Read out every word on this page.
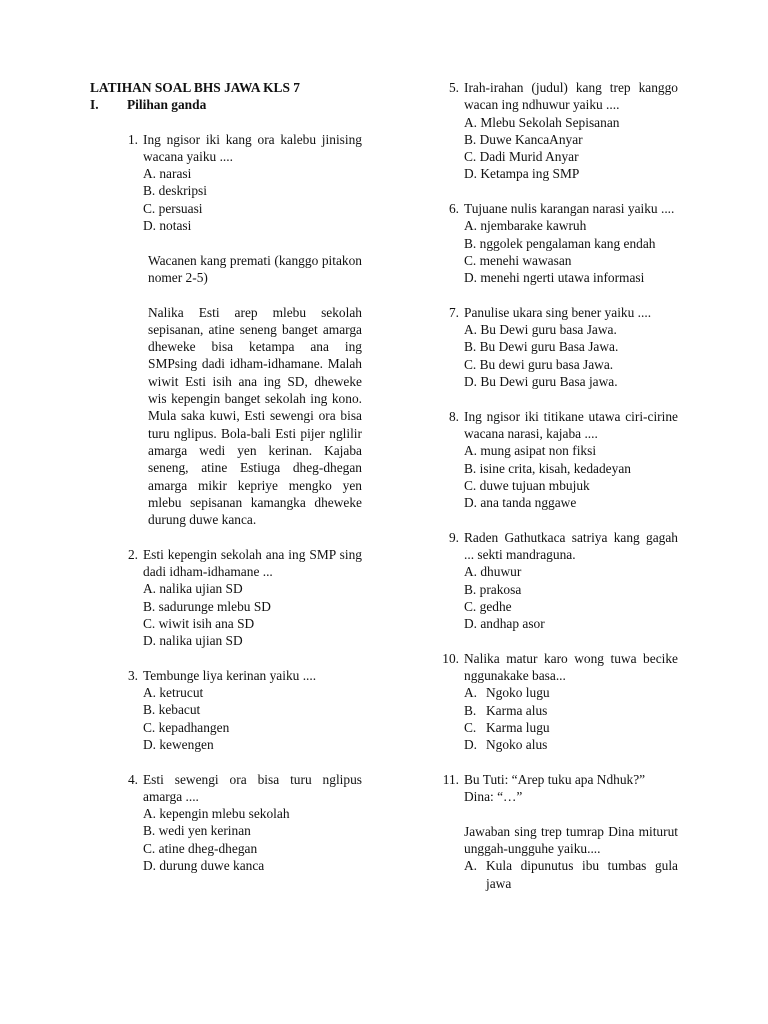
LATIHAN SOAL BHS JAWA KLS 7

I.	Pilihan ganda
1. Ing ngisor iki kang ora kalebu jinising wacana yaiku ....
A. narasi
B. deskripsi
C. persuasi
D. notasi

Wacanen kang premati (kanggo pitakon nomer 2-5)

Nalika Esti arep mlebu sekolah sepisanan, atine seneng banget amarga dheweke bisa ketampa ana ing SMPsing dadi idham-idhamane. Malah wiwit Esti isih ana ing SD, dheweke wis kepengin banget sekolah ing kono. Mula saka kuwi, Esti sewengi ora bisa turu nglipus. Bola-bali Esti pijer nglilir amarga wedi yen kerinan. Kajaba seneng, atine Estiuga dheg-dhegan amarga mikir kepriye mengko yen mlebu sepisanan kamangka dheweke durung duwe kanca.

2. Esti kepengin sekolah ana ing SMP sing dadi idham-idhamane ...
A. nalika ujian SD
B. sadurunge mlebu SD
C. wiwit isih ana SD
D. nalika ujian SD
3. Tembunge liya kerinan yaiku ....
A. ketrucut
B. kebacut
C. kepadhangen
D. kewengen
4. Esti sewengi ora bisa turu nglipus amarga ....
A. kepengin mlebu sekolah
B. wedi yen kerinan
C. atine dheg-dhegan
D. durung duwe kanca
5. Irah-irahan (judul) kang trep kanggo wacan ing ndhuwur yaiku ....
A. Mlebu Sekolah Sepisanan
B. Duwe KancaAnyar
C. Dadi Murid Anyar
D. Ketampa ing SMP
6. Tujuane nulis karangan narasi yaiku ....
A. njembarake kawruh
B. nggolek pengalaman kang endah
C. menehi wawasan
D. menehi ngerti utawa informasi
7. Panulise ukara sing bener yaiku ....
A. Bu Dewi guru basa Jawa.
B. Bu Dewi guru Basa Jawa.
C. Bu dewi guru basa Jawa.
D. Bu Dewi guru Basa jawa.
8. Ing ngisor iki titikane utawa ciri-cirine wacana narasi, kajaba ....
A. mung asipat non fiksi
B. isine crita, kisah, kedadeyan
C. duwe tujuan mbujuk
D. ana tanda nggawe
9. Raden Gathutkaca satriya kang gagah ... sekti mandraguna.
A. dhuwur
B. prakosa
C. gedhe
D. andhap asor
10. Nalika matur karo wong tuwa becike nggunakake basa...
A. Ngoko lugu
B. Karma alus
C. Karma lugu
D. Ngoko alus
11. Bu Tuti: “Arep tuku apa Ndhuk?”
Dina: “…”
Jawaban sing trep tumrap Dina miturut unggah-ungguhe yaiku....
A. Kula dipunutus ibu tumbas gula jawa
